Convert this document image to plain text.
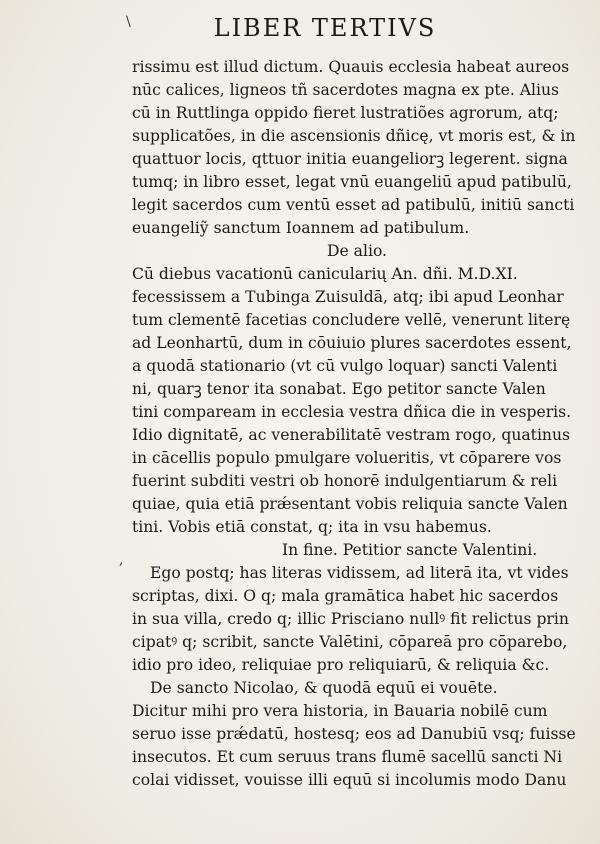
LIBER TERTIVS
\
,
rissimu est illud dictum. Quauis ecclesia habeat aureos
nūc calices, ligneos tñ sacerdotes magna ex pte. Alius
cū in Ruttlinga oppido fieret lustratiões agrorum, atq;
supplicatões, in die ascensionis dñicę, vt moris est, & in
quattuor locis, qttuor initia euangeliorꝫ legerent. signa
tumq; in libro esset, legat vnū euangeliū apud patibulū,
legit sacerdos cum ventū esset ad patibulū, initiū sancti
euangeliỹ sanctum Ioannem ad patibulum.
De alio.
Cū diebus vacationū canicularių An. dñi. M.D.XI.
fecessissem a Tubinga Zuisuldā, atq; ibi apud Leonhar
tum clementē facetias concludere vellē, venerunt literę
ad Leonhartū, dum in cōuiuio plures sacerdotes essent,
a quodā stationario (vt cū vulgo loquar) sancti Valenti
ni, quarꝫ tenor ita sonabat. Ego petitor sancte Valen
tini compaream in ecclesia vestra dñica die in vesperis.
Idio dignitatē, ac venerabilitatē vestram rogo, quatinus
in cācellis populo pmulgare volueritis, vt cōparere vos
fuerint subditi vestri ob honorē indulgentiarum & reli
quiae, quia etiā prǽsentant vobis reliquia sancte Valen
tini. Vobis etiā constat, q; ita in vsu habemus.
In fine. Petitior sancte Valentini.
Ego postq; has literas vidissem, ad literā ita, vt vides
scriptas, dixi. O q; mala gramātica habet hic sacerdos
in sua villa, credo q; illic Prisciano nullꝰ fit relictus prin
cipatꝰ q; scribit, sancte Valētini, cōpareā pro cōparebo,
idio pro ideo, reliquiae pro reliquiarū, & reliquia &c.
De sancto Nicolao, & quodā equū ei vouēte.
Dicitur mihi pro vera historia, in Bauaria nobilē cum
seruo isse prǽdatū, hostesq; eos ad Danubiū vsq; fuisse
insecutos. Et cum seruus trans flumē sacellū sancti Ni
colai vidisset, vouisse illi equū si incolumis modo Danu
